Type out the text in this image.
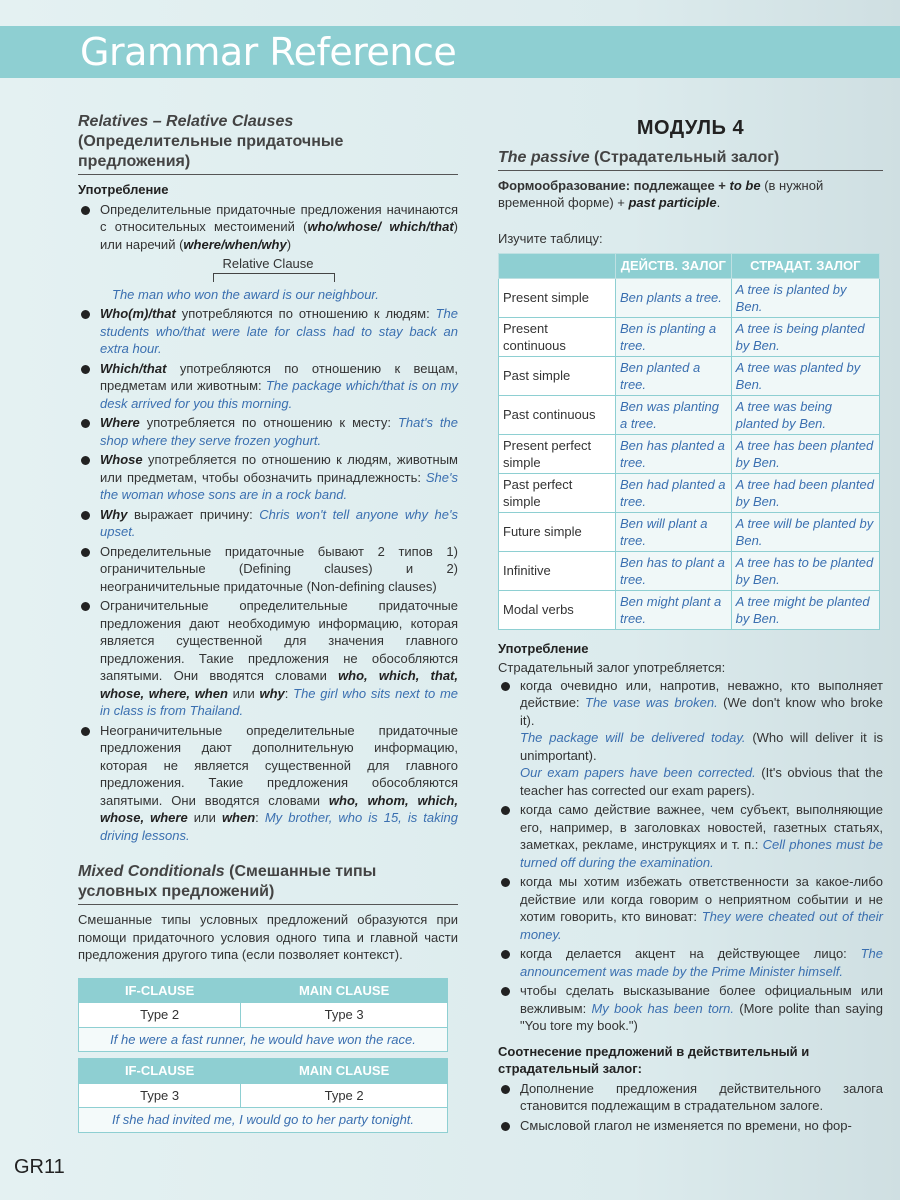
Grammar Reference
Relatives – Relative Clauses
(Определительные придаточные предложения)
Употребление
Определительные придаточные предложения начинаются с относительных местоимений (who/whose/ which/that) или наречий (where/when/why)
Relative Clause
The man who won the award is our neighbour.
Who(m)/that употребляются по отношению к людям: The students who/that were late for class had to stay back an extra hour.
Which/that употребляются по отношению к вещам, предметам или животным: The package which/that is on my desk arrived for you this morning.
Where употребляется по отношению к месту: That's the shop where they serve frozen yoghurt.
Whose употребляется по отношению к людям, животным или предметам, чтобы обозначить принадлежность: She's the woman whose sons are in a rock band.
Why выражает причину: Chris won't tell anyone why he's upset.
Определительные придаточные бывают 2 типов 1) ограничительные (Defining clauses) и 2) неограничительные придаточные (Non-defining clauses)
Ограничительные определительные придаточные предложения дают необходимую информацию, которая является существенной для значения главного предложения. Такие предложения не обособляются запятыми. Они вводятся словами who, which, that, whose, where, when или why: The girl who sits next to me in class is from Thailand.
Неограничительные определительные придаточные предложения дают дополнительную информацию, которая не является существенной для главного предложения. Такие предложения обособляются запятыми. Они вводятся словами who, whom, which, whose, where или when: My brother, who is 15, is taking driving lessons.
Mixed Conditionals (Смешанные типы условных предложений)
Смешанные типы условных предложений образуются при помощи придаточного условия одного типа и главной части предложения другого типа (если позволяет контекст).
IF-CLAUSE	MAIN CLAUSE
Type 2	Type 3
If he were a fast runner, he would have won the race.	
IF-CLAUSE	MAIN CLAUSE
Type 3	Type 2
If she had invited me, I would go to her party tonight.	
МОДУЛЬ 4
The passive (Страдательный залог)
Формообразование: подлежащее + to be (в нужной временной форме) + past participle.
Изучите таблицу:
	ДЕЙСТВ. ЗАЛОГ	СТРАДАТ. ЗАЛОГ
Present simple	Ben plants a tree.	A tree is planted by Ben.
Present continuous	Ben is planting a tree.	A tree is being planted by Ben.
Past simple	Ben planted a tree.	A tree was planted by Ben.
Past continuous	Ben was planting a tree.	A tree was being planted by Ben.
Present perfect simple	Ben has planted a tree.	A tree has been planted by Ben.
Past perfect simple	Ben had planted a tree.	A tree had been planted by Ben.
Future simple	Ben will plant a tree.	A tree will be planted by Ben.
Infinitive	Ben has to plant a tree.	A tree has to be planted by Ben.
Modal verbs	Ben might plant a tree.	A tree might be planted by Ben.
Употребление
Страдательный залог употребляется:
когда очевидно или, напротив, неважно, кто выполняет действие: The vase was broken. (We don't know who broke it).
The package will be delivered today. (Who will deliver it is unimportant).
Our exam papers have been corrected. (It's obvious that the teacher has corrected our exam papers).
когда само действие важнее, чем субъект, выполняющие его, например, в заголовках новостей, газетных статьях, заметках, рекламе, инструкциях и т. п.: Cell phones must be turned off during the examination.
когда мы хотим избежать ответственности за какое-либо действие или когда говорим о неприятном событии и не хотим говорить, кто виноват: They were cheated out of their money.
когда делается акцент на действующее лицо: The announcement was made by the Prime Minister himself.
чтобы сделать высказывание более официальным или вежливым: My book has been torn. (More polite than saying "You tore my book.")
Соотнесение предложений в действительный и страдательный залог:
Дополнение предложения действительного залога становится подлежащим в страдательном залоге.
Смысловой глагол не изменяется по времени, но фор-
GR11
